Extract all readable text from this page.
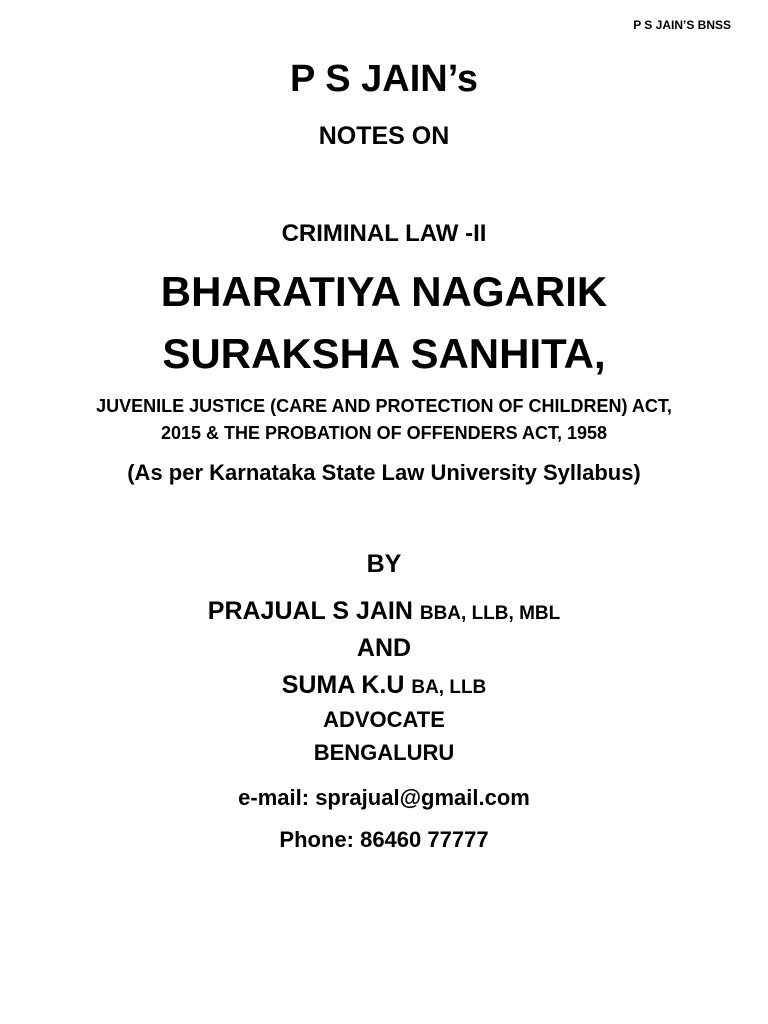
P S JAIN’S BNSS
P S JAIN’s
NOTES ON
CRIMINAL LAW -II
BHARATIYA NAGARIK
SURAKSHA SANHITA,
JUVENILE JUSTICE (CARE AND PROTECTION OF CHILDREN) ACT,
2015 & THE PROBATION OF OFFENDERS ACT, 1958
(As per Karnataka State Law University Syllabus)
BY
PRAJUAL S JAIN BBA, LLB, MBL
AND
SUMA K.U BA, LLB
ADVOCATE
BENGALURU
e-mail: sprajual@gmail.com
Phone: 86460 77777
